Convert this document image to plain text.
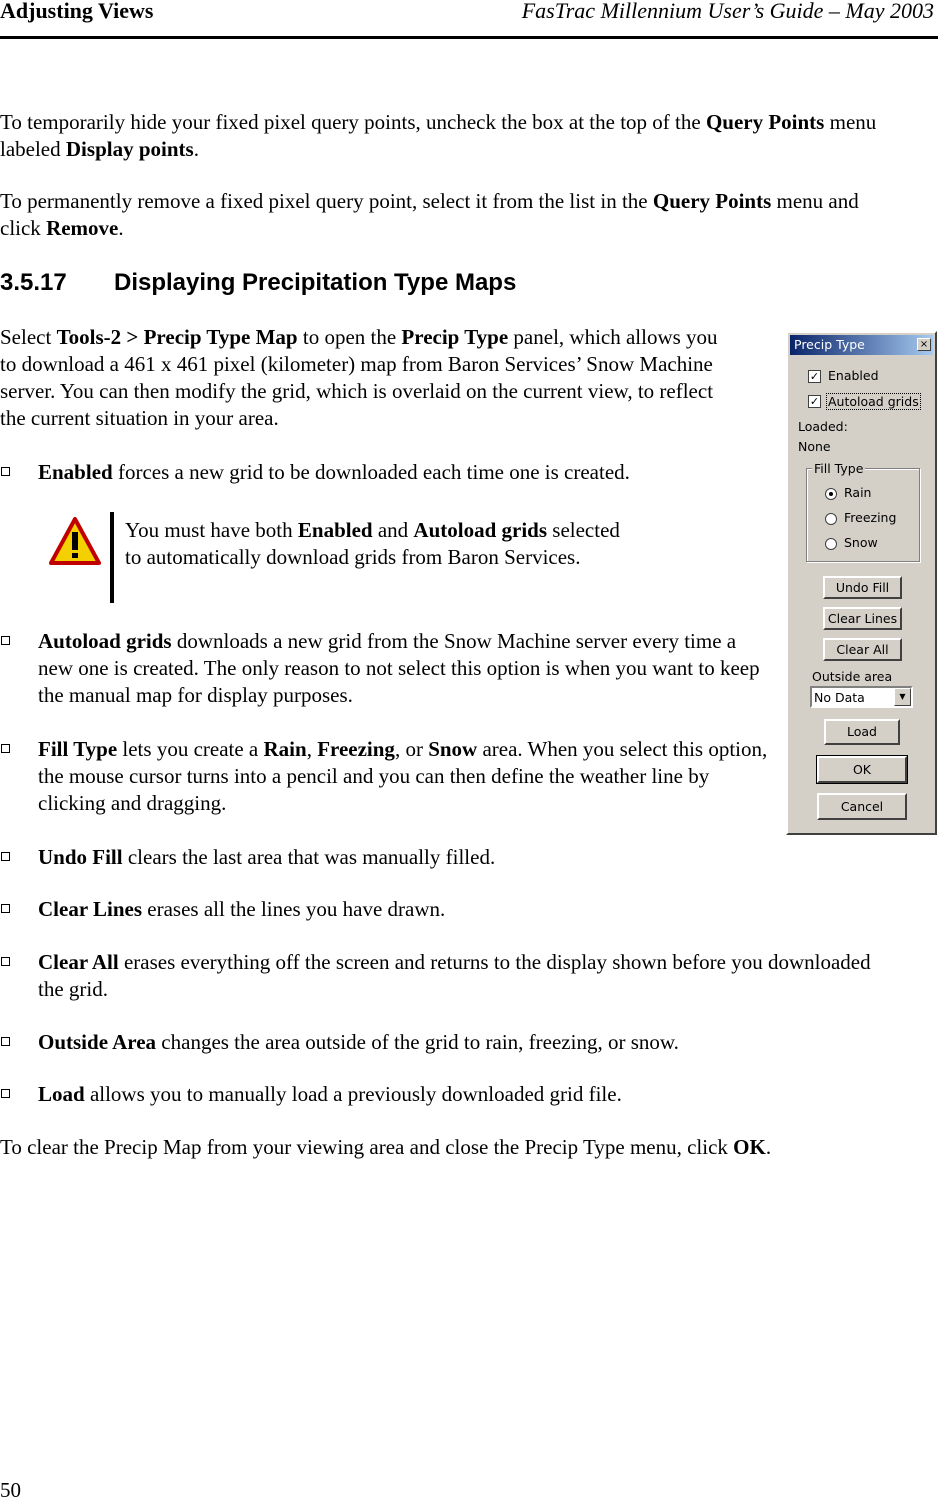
Adjusting Views	FasTrac Millennium User’s Guide – May 2003

To temporarily hide your fixed pixel query points, uncheck the box at the top of the Query Points menu labeled Display points.

To permanently remove a fixed pixel query point, select it from the list in the Query Points menu and click Remove.

3.5.17 Displaying Precipitation Type Maps

Select Tools-2 > Precip Type Map to open the Precip Type panel, which allows you to download a 461 x 461 pixel (kilometer) map from Baron Services’ Snow Machine server. You can then modify the grid, which is overlaid on the current view, to reflect the current situation in your area.

Enabled forces a new grid to be downloaded each time one is created.

You must have both Enabled and Autoload grids selected to automatically download grids from Baron Services.

Autoload grids downloads a new grid from the Snow Machine server every time a new one is created. The only reason to not select this option is when you want to keep the manual map for display purposes.
Fill Type lets you create a Rain, Freezing, or Snow area. When you select this option, the mouse cursor turns into a pencil and you can then define the weather line by clicking and dragging.
Undo Fill clears the last area that was manually filled.
Clear Lines erases all the lines you have drawn.
Clear All erases everything off the screen and returns to the display shown before you downloaded the grid.
Outside Area changes the area outside of the grid to rain, freezing, or snow.
Load allows you to manually load a previously downloaded grid file.

To clear the Precip Map from your viewing area and close the Precip Type menu, click OK.

50
Precip Type	×
✓ Enabled
✓ Autoload grids
Loaded:
None
Fill Type
Rain
Freezing
Snow
Undo Fill
Clear Lines
Clear All
Outside area
No Data	▼
Load
OK
Cancel
